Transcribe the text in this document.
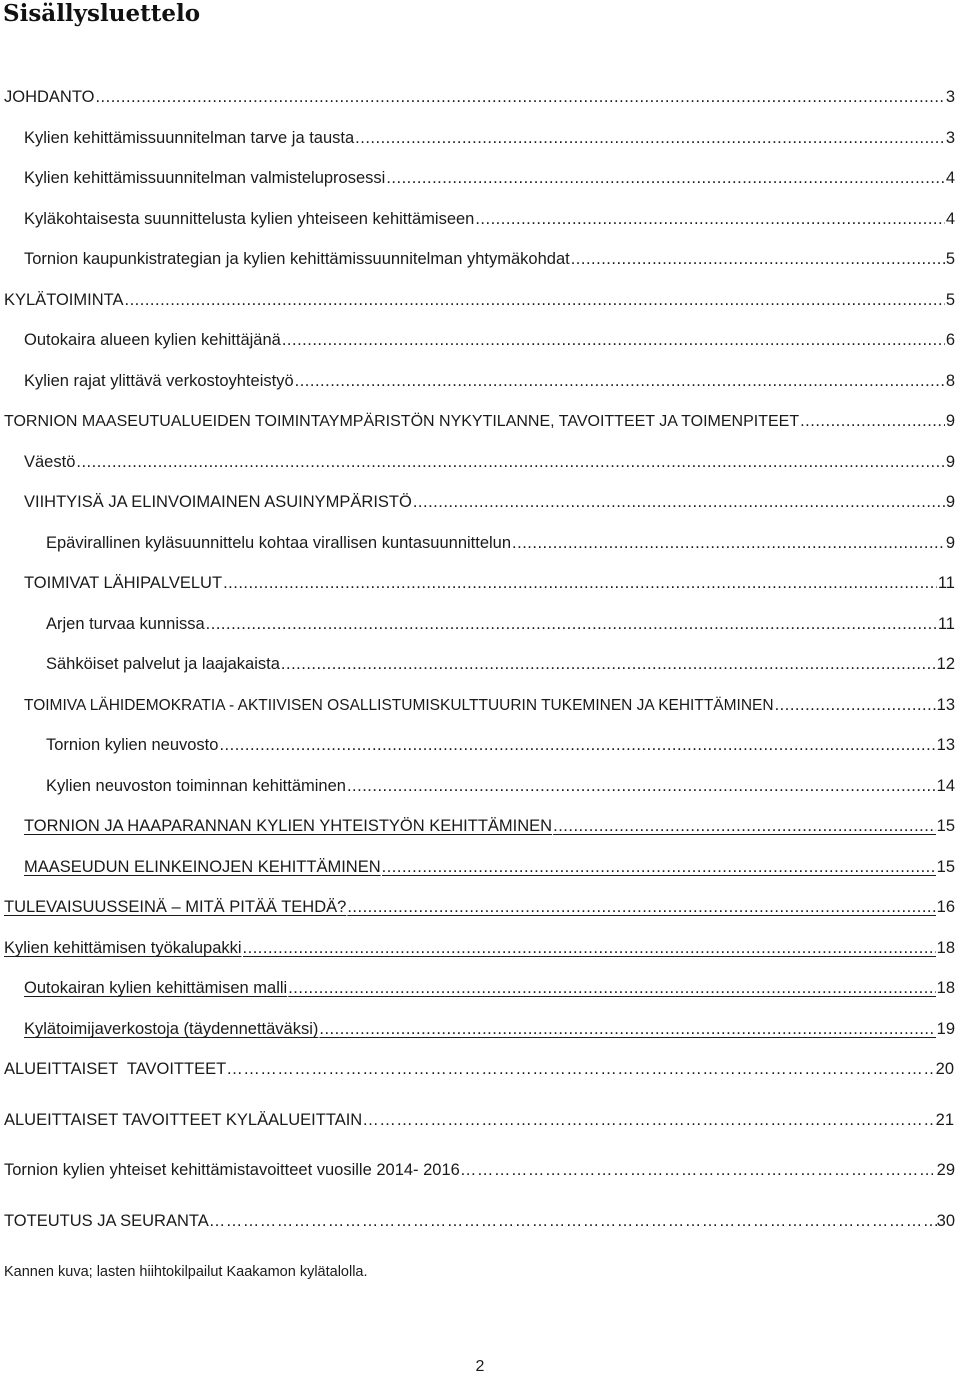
Sisällysluettelo
JOHDANTO .....	3
Kylien kehittämissuunnitelman tarve ja tausta .....	3
Kylien kehittämissuunnitelman valmisteluprosessi .....	4
Kyläkohtaisesta suunnittelusta kylien yhteiseen kehittämiseen .....	4
Tornion kaupunkistrategian ja kylien kehittämissuunnitelman yhtymäkohdat .....	5
KYLÄTOIMINTA .....	5
Outokaira alueen kylien kehittäjänä .....	6
Kylien rajat ylittävä verkostoyhteistyö .....	8
TORNION MAASEUTUALUEIDEN TOIMINTAYMPÄRISTÖN NYKYTILANNE, TAVOITTEET JA TOIMENPITEET .....	9
Väestö .....	9
VIIHTYISÄ JA ELINVOIMAINEN ASUINYMPÄRISTÖ .....	9
Epävirallinen kyläsuunnittelu kohtaa virallisen kuntasuunnittelun .....	9
TOIMIVAT LÄHIPALVELUT .....	11
Arjen turvaa kunnissa .....	11
Sähköiset palvelut ja laajakaista .....	12
TOIMIVA LÄHIDEMOKRATIA - AKTIIVISEN OSALLISTUMISKULTTUURIN TUKEMINEN JA KEHITTÄMINEN .....	13
Tornion kylien neuvosto .....	13
Kylien neuvoston toiminnan kehittäminen .....	14
TORNION JA HAAPARANNAN KYLIEN YHTEISTYÖN KEHITTÄMINEN .....	15
MAASEUDUN ELINKEINOJEN KEHITTÄMINEN .....	15
TULEVAISUUSSEINÄ – MITÄ PITÄÄ TEHDÄ? .....	16
Kylien kehittämisen työkalupakki .....	18
Outokairan kylien kehittämisen malli .....	18
Kylätoimijaverkostoja (täydennettäväksi) .....	19
ALUEITTAISET  TAVOITTEET …………………………………………………………………………………………………………………………………………………………………………………………………………………………………	20
ALUEITTAISET TAVOITTEET KYLÄALUEITTAIN …………………………………………………………………………………………………………………………………………………………………………………………………………………………………	21
Tornion kylien yhteiset kehittämistavoitteet vuosille 2014- 2016 …………………………………………………………………………………………………………………………………………………………………………………………………………………………………	29
TOTEUTUS JA SEURANTA …………………………………………………………………………………………………………………………………………………………………………………………………………………………………	30
Kannen kuva; lasten hiihtokilpailut Kaakamon kylätalolla.
2
